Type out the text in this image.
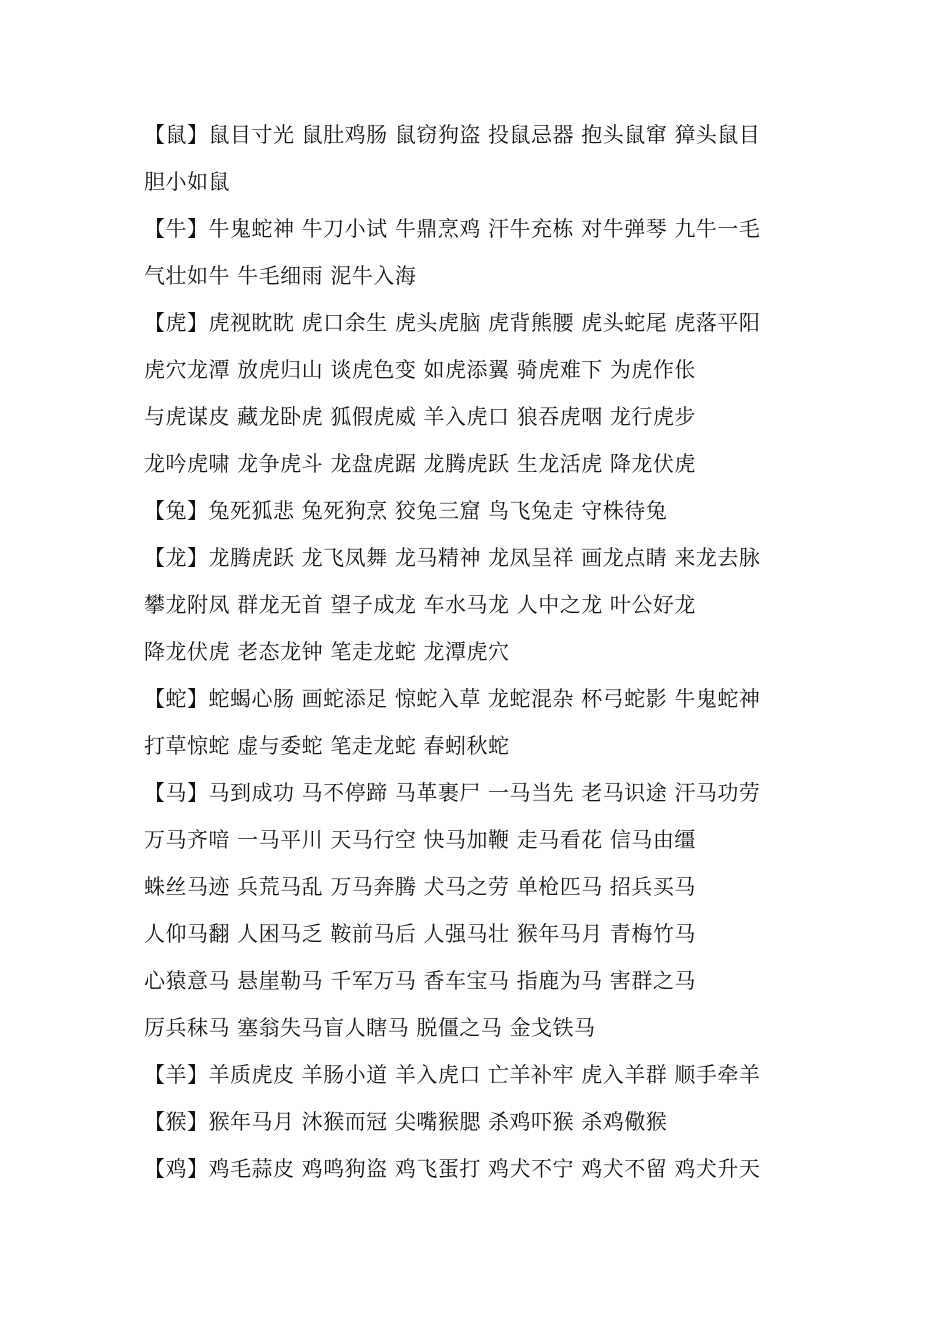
【鼠】鼠目寸光 鼠肚鸡肠 鼠窃狗盗 投鼠忌器 抱头鼠窜 獐头鼠目
胆小如鼠
【牛】牛鬼蛇神 牛刀小试 牛鼎烹鸡 汗牛充栋 对牛弹琴 九牛一毛
气壮如牛 牛毛细雨 泥牛入海
【虎】虎视眈眈 虎口余生 虎头虎脑 虎背熊腰 虎头蛇尾 虎落平阳
虎穴龙潭 放虎归山 谈虎色变 如虎添翼 骑虎难下 为虎作伥
与虎谋皮 藏龙卧虎 狐假虎威 羊入虎口 狼吞虎咽 龙行虎步
龙吟虎啸 龙争虎斗 龙盘虎踞 龙腾虎跃 生龙活虎 降龙伏虎
【兔】兔死狐悲 兔死狗烹 狡兔三窟 鸟飞兔走 守株待兔
【龙】龙腾虎跃 龙飞凤舞 龙马精神 龙凤呈祥 画龙点睛 来龙去脉
攀龙附凤 群龙无首 望子成龙 车水马龙 人中之龙 叶公好龙
降龙伏虎 老态龙钟 笔走龙蛇 龙潭虎穴
【蛇】蛇蝎心肠 画蛇添足 惊蛇入草 龙蛇混杂 杯弓蛇影 牛鬼蛇神
打草惊蛇 虚与委蛇 笔走龙蛇 春蚓秋蛇
【马】马到成功 马不停蹄 马革裹尸 一马当先 老马识途 汗马功劳
万马齐喑 一马平川 天马行空 快马加鞭 走马看花 信马由缰
蛛丝马迹 兵荒马乱 万马奔腾 犬马之劳 单枪匹马 招兵买马
人仰马翻 人困马乏 鞍前马后 人强马壮 猴年马月 青梅竹马
心猿意马 悬崖勒马 千军万马 香车宝马 指鹿为马 害群之马
厉兵秣马 塞翁失马盲人瞎马 脱僵之马 金戈铁马
【羊】羊质虎皮 羊肠小道 羊入虎口 亡羊补牢 虎入羊群 顺手牵羊
【猴】猴年马月 沐猴而冠 尖嘴猴腮 杀鸡吓猴 杀鸡儆猴
【鸡】鸡毛蒜皮 鸡鸣狗盗 鸡飞蛋打 鸡犬不宁 鸡犬不留 鸡犬升天
